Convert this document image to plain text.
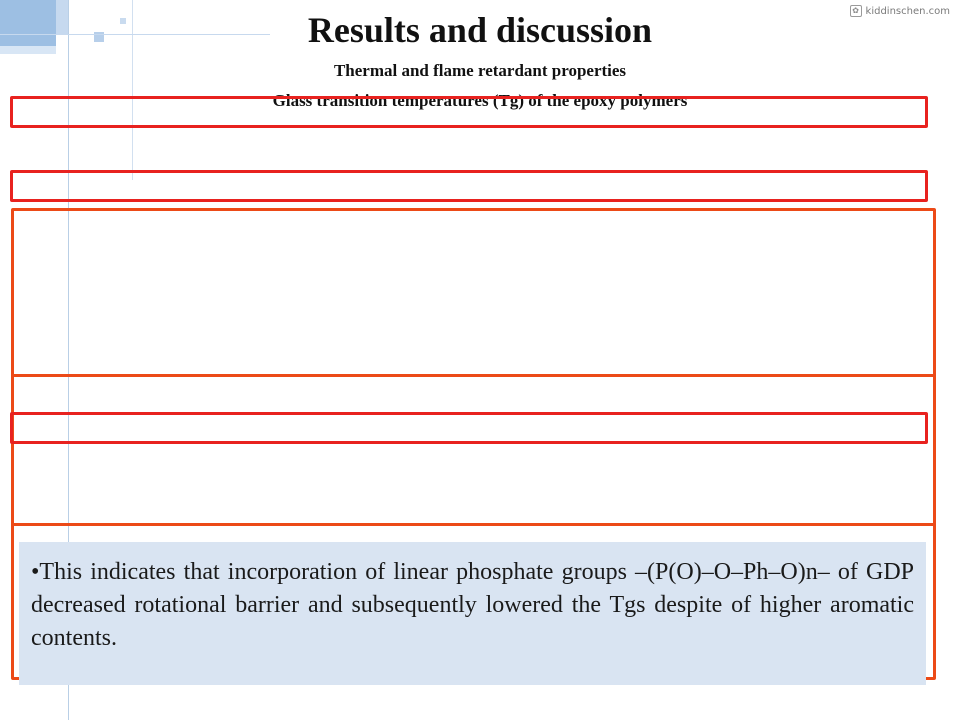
✿ kiddinschen.com
Results and discussion
Thermal and flame retardant properties
Glass transition temperatures (Tg) of the epoxy polymers
•This indicates that incorporation of linear phosphate groups –(P(O)–O–Ph–O)n– of GDP decreased rotational barrier and subsequently lowered the Tgs despite of higher aromatic contents.
